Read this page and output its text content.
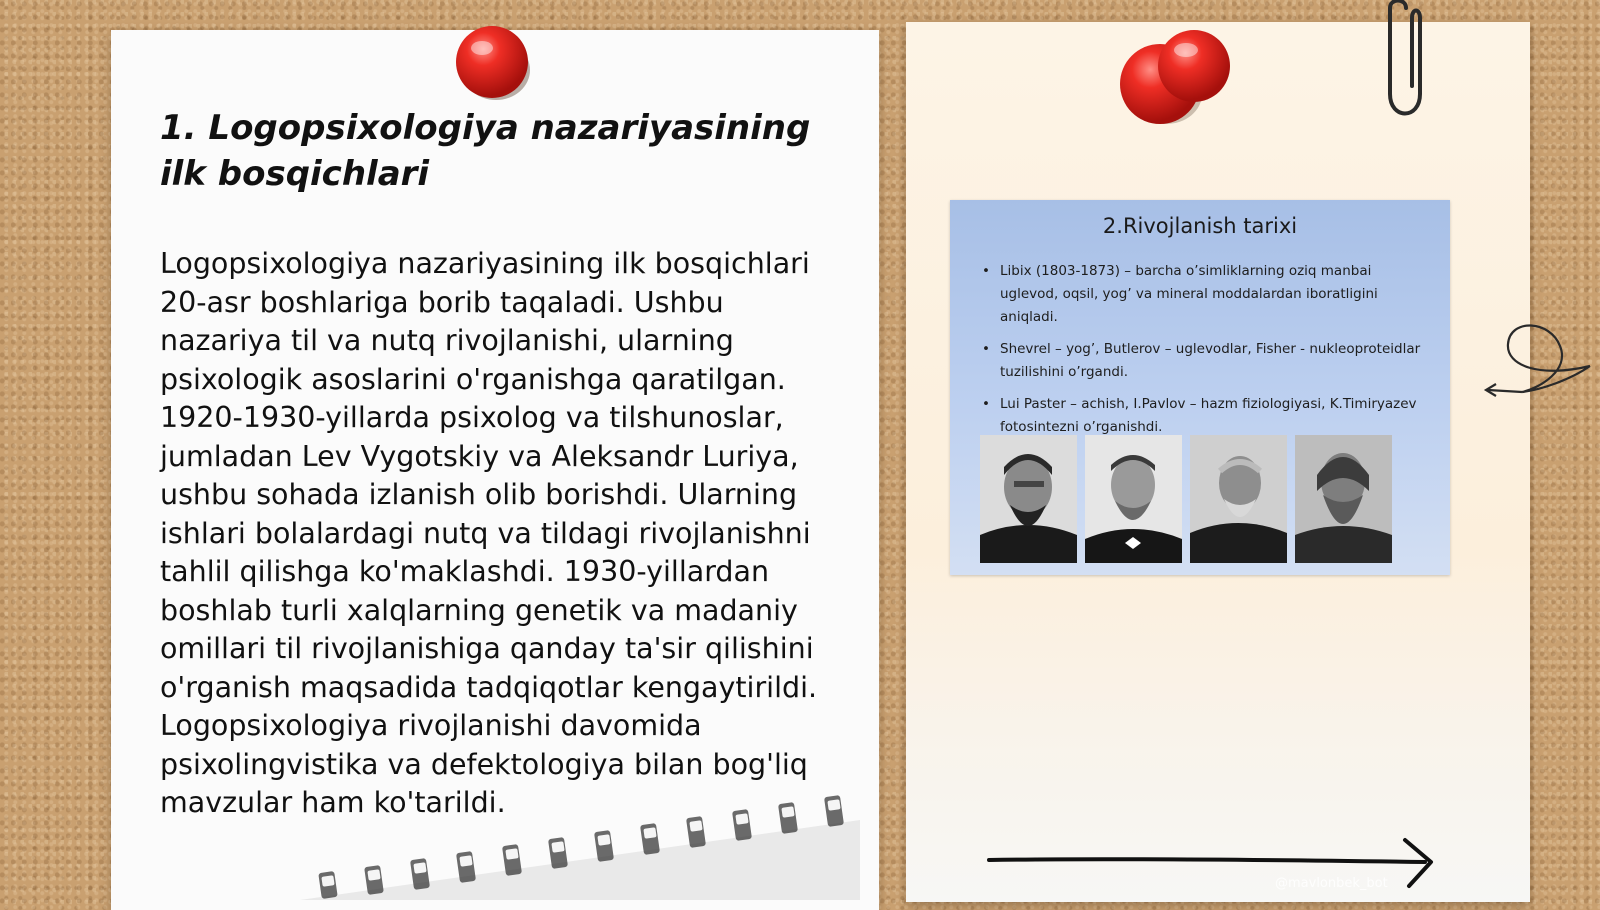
1. Logopsixologiya nazariyasining ilk bosqichlari

Logopsixologiya nazariyasining ilk bosqichlari 20-asr boshlariga borib taqaladi. Ushbu nazariya til va nutq rivojlanishi, ularning psixologik asoslarini o'rganishga qaratilgan. 1920-1930-yillarda psixolog va tilshunoslar, jumladan Lev Vygotskiy va Aleksandr Luriya, ushbu sohada izlanish olib borishdi. Ularning ishlari bolalardagi nutq va tildagi rivojlanishni tahlil qilishga ko'maklashdi. 1930-yillardan boshlab turli xalqlarning genetik va madaniy omillari til rivojlanishiga qanday ta'sir qilishini o'rganish maqsadida tadqiqotlar kengaytirildi. Logopsixologiya rivojlanishi davomida psixolingvistika va defektologiya bilan bog'liq mavzular ham ko'tarildi.

2.Rivojlanish tarixi
• Libix (1803-1873) – barcha o’simliklarning oziq manbai uglevod, oqsil, yog’ va mineral moddalardan iboratligini aniqladi.
• Shevrel – yog’, Butlerov – uglevodlar, Fisher - nukleoproteidlar tuzilishini o’rgandi.
• Lui Paster – achish, I.Pavlov – hazm fiziologiyasi, K.Timiryazev fotosintezni o’rganishdi.
@mavlonbek_bot
